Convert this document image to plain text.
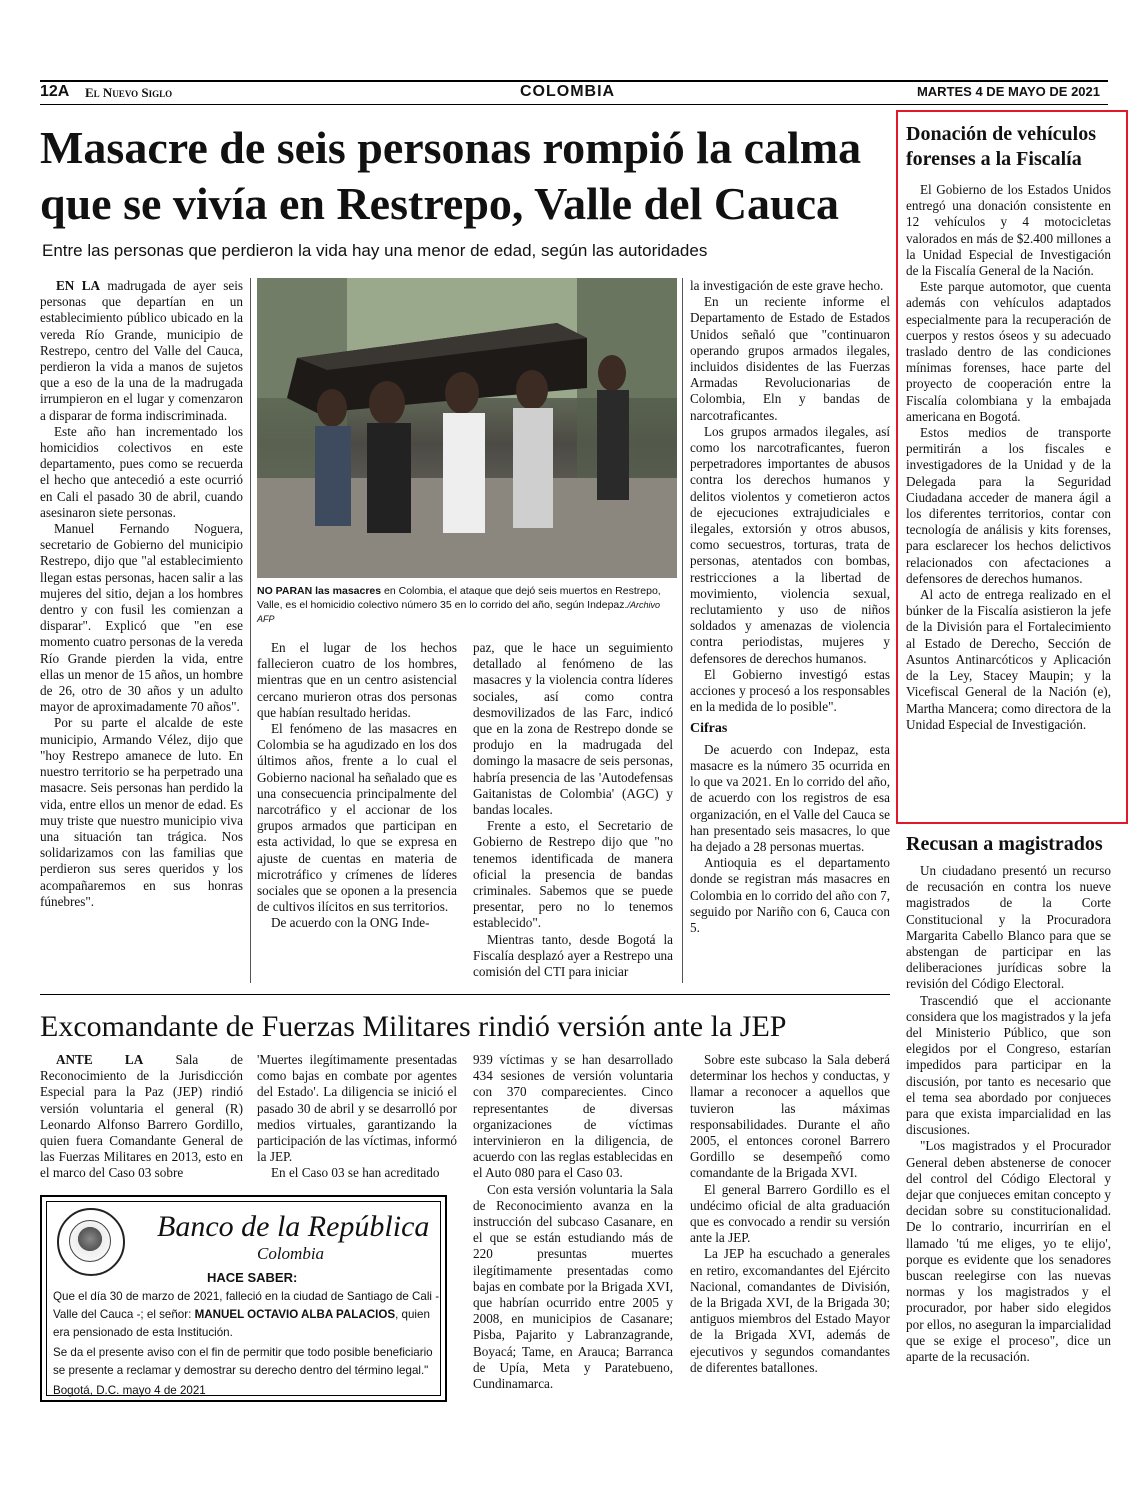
12A El Nuevo Siglo	COLOMBIA	MARTES 4 DE MAYO DE 2021
Masacre de seis personas rompió la calma
que se vivía en Restrepo, Valle del Cauca
Entre las personas que perdieron la vida hay una menor de edad, según las autoridades

EN LA madrugada de ayer seis personas que departían en un establecimiento público ubicado en la vereda Río Grande, municipio de Restrepo, centro del Valle del Cauca, perdieron la vida a manos de sujetos que a eso de la una de la madrugada irrumpieron en el lugar y comenzaron a disparar de forma indiscriminada.

Este año han incrementado los homicidios colectivos en este departamento, pues como se recuerda el hecho que antecedió a este ocurrió en Cali el pasado 30 de abril, cuando asesinaron siete personas.

Manuel Fernando Noguera, secretario de Gobierno del municipio Restrepo, dijo que "al establecimiento llegan estas personas, hacen salir a las mujeres del sitio, dejan a los hombres dentro y con fusil les comienzan a disparar". Explicó que "en ese momento cuatro personas de la vereda Río Grande pierden la vida, entre ellas un menor de 15 años, un hombre de 26, otro de 30 años y un adulto mayor de aproximadamente 70 años".

Por su parte el alcalde de este municipio, Armando Vélez, dijo que "hoy Restrepo amanece de luto. En nuestro territorio se ha perpetrado una masacre. Seis personas han perdido la vida, entre ellos un menor de edad. Es muy triste que nuestro municipio viva una situación tan trágica. Nos solidarizamos con las familias que perdieron sus seres queridos y los acompañaremos en sus honras fúnebres".

NO PARAN las masacres en Colombia, el ataque que dejó seis muertos en Restrepo, Valle, es el homicidio colectivo número 35 en lo corrido del año, según Indepaz./Archivo AFP

En el lugar de los hechos fallecieron cuatro de los hombres, mientras que en un centro asistencial cercano murieron otras dos personas que habían resultado heridas.

El fenómeno de las masacres en Colombia se ha agudizado en los dos últimos años, frente a lo cual el Gobierno nacional ha señalado que es una consecuencia principalmente del narcotráfico y el accionar de los grupos armados que participan en esta actividad, lo que se expresa en ajuste de cuentas en materia de microtráfico y crímenes de líderes sociales que se oponen a la presencia de cultivos ilícitos en sus territorios.

De acuerdo con la ONG Inde-

paz, que le hace un seguimiento detallado al fenómeno de las masacres y la violencia contra líderes sociales, así como contra desmovilizados de las Farc, indicó que en la zona de Restrepo donde se produjo en la madrugada del domingo la masacre de seis personas, habría presencia de las 'Autodefensas Gaitanistas de Colombia' (AGC) y bandas locales.

Frente a esto, el Secretario de Gobierno de Restrepo dijo que "no tenemos identificada de manera oficial la presencia de bandas criminales. Sabemos que se puede presentar, pero no lo tenemos establecido".

Mientras tanto, desde Bogotá la Fiscalía desplazó ayer a Restrepo una comisión del CTI para iniciar

la investigación de este grave hecho.

En un reciente informe el Departamento de Estado de Estados Unidos señaló que "continuaron operando grupos armados ilegales, incluidos disidentes de las Fuerzas Armadas Revolucionarias de Colombia, Eln y bandas de narcotraficantes.

Los grupos armados ilegales, así como los narcotraficantes, fueron perpetradores importantes de abusos contra los derechos humanos y delitos violentos y cometieron actos de ejecuciones extrajudiciales e ilegales, extorsión y otros abusos, como secuestros, torturas, trata de personas, atentados con bombas, restricciones a la libertad de movimiento, violencia sexual, reclutamiento y uso de niños soldados y amenazas de violencia contra periodistas, mujeres y defensores de derechos humanos.

El Gobierno investigó estas acciones y procesó a los responsables en la medida de lo posible".

Cifras

De acuerdo con Indepaz, esta masacre es la número 35 ocurrida en lo que va 2021. En lo corrido del año, de acuerdo con los registros de esa organización, en el Valle del Cauca se han presentado seis masacres, lo que ha dejado a 28 personas muertas.

Antioquia es el departamento donde se registran más masacres en Colombia en lo corrido del año con 7, seguido por Nariño con 6, Cauca con 5.

Donación de vehículos forenses a la Fiscalía

El Gobierno de los Estados Unidos entregó una donación consistente en 12 vehículos y 4 motocicletas valorados en más de $2.400 millones a la Unidad Especial de Investigación de la Fiscalía General de la Nación.

Este parque automotor, que cuenta además con vehículos adaptados especialmente para la recuperación de cuerpos y restos óseos y su adecuado traslado dentro de las condiciones mínimas forenses, hace parte del proyecto de cooperación entre la Fiscalía colombiana y la embajada americana en Bogotá.

Estos medios de transporte permitirán a los fiscales e investigadores de la Unidad y de la Delegada para la Seguridad Ciudadana acceder de manera ágil a los diferentes territorios, contar con tecnología de análisis y kits forenses, para esclarecer los hechos delictivos relacionados con afectaciones a defensores de derechos humanos.

Al acto de entrega realizado en el búnker de la Fiscalía asistieron la jefe de la División para el Fortalecimiento al Estado de Derecho, Sección de Asuntos Antinarcóticos y Aplicación de la Ley, Stacey Maupin; y la Vicefiscal General de la Nación (e), Martha Mancera; como directora de la Unidad Especial de Investigación.

Recusan a magistrados

Un ciudadano presentó un recurso de recusación en contra los nueve magistrados de la Corte Constitucional y la Procuradora Margarita Cabello Blanco para que se abstengan de participar en las deliberaciones jurídicas sobre la revisión del Código Electoral.

Trascendió que el accionante considera que los magistrados y la jefa del Ministerio Público, que son elegidos por el Congreso, estarían impedidos para participar en la discusión, por tanto es necesario que el tema sea abordado por conjueces para que exista imparcialidad en las discusiones.

"Los magistrados y el Procurador General deben abstenerse de conocer del control del Código Electoral y dejar que conjueces emitan concepto y decidan sobre su constitucionalidad. De lo contrario, incurrirían en el llamado 'tú me eliges, yo te elijo', porque es evidente que los senadores buscan reelegirse con las nuevas normas y los magistrados y el procurador, por haber sido elegidos por ellos, no aseguran la imparcialidad que se exige el proceso", dice un aparte de la recusación.

Excomandante de Fuerzas Militares rindió versión ante la JEP

ANTE LA Sala de Reconocimiento de la Jurisdicción Especial para la Paz (JEP) rindió versión voluntaria el general (R) Leonardo Alfonso Barrero Gordillo, quien fuera Comandante General de las Fuerzas Militares en 2013, esto en el marco del Caso 03 sobre

'Muertes ilegítimamente presentadas como bajas en combate por agentes del Estado'. La diligencia se inició el pasado 30 de abril y se desarrolló por medios virtuales, garantizando la participación de las víctimas, informó la JEP.

En el Caso 03 se han acreditado

939 víctimas y se han desarrollado 434 sesiones de versión voluntaria con 370 comparecientes. Cinco representantes de diversas organizaciones de víctimas intervinieron en la diligencia, de acuerdo con las reglas establecidas en el Auto 080 para el Caso 03.

Con esta versión voluntaria la Sala de Reconocimiento avanza en la instrucción del subcaso Casanare, en el que se están estudiando más de 220 presuntas muertes ilegítimamente presentadas como bajas en combate por la Brigada XVI, que habrían ocurrido entre 2005 y 2008, en municipios de Casanare; Pisba, Pajarito y Labranzagrande, Boyacá; Tame, en Arauca; Barranca de Upía, Meta y Paratebueno, Cundinamarca.

Sobre este subcaso la Sala deberá determinar los hechos y conductas, y llamar a reconocer a aquellos que tuvieron las máximas responsabilidades. Durante el año 2005, el entonces coronel Barrero Gordillo se desempeñó como comandante de la Brigada XVI.

El general Barrero Gordillo es el undécimo oficial de alta graduación que es convocado a rendir su versión ante la JEP.

La JEP ha escuchado a generales en retiro, excomandantes del Ejército Nacional, comandantes de División, de la Brigada XVI, de la Brigada 30; antiguos miembros del Estado Mayor de la Brigada XVI, además de ejecutivos y segundos comandantes de diferentes batallones.

Banco de la República
Colombia
HACE SABER:

Que el día 30 de marzo de 2021, falleció en la ciudad de Santiago de Cali - Valle del Cauca -; el señor: MANUEL OCTAVIO ALBA PALACIOS, quien era pensionado de esta Institución.

Se da el presente aviso con el fin de permitir que todo posible beneficiario se presente a reclamar y demostrar su derecho dentro del término legal."

Bogotá, D.C. mayo 4 de 2021
